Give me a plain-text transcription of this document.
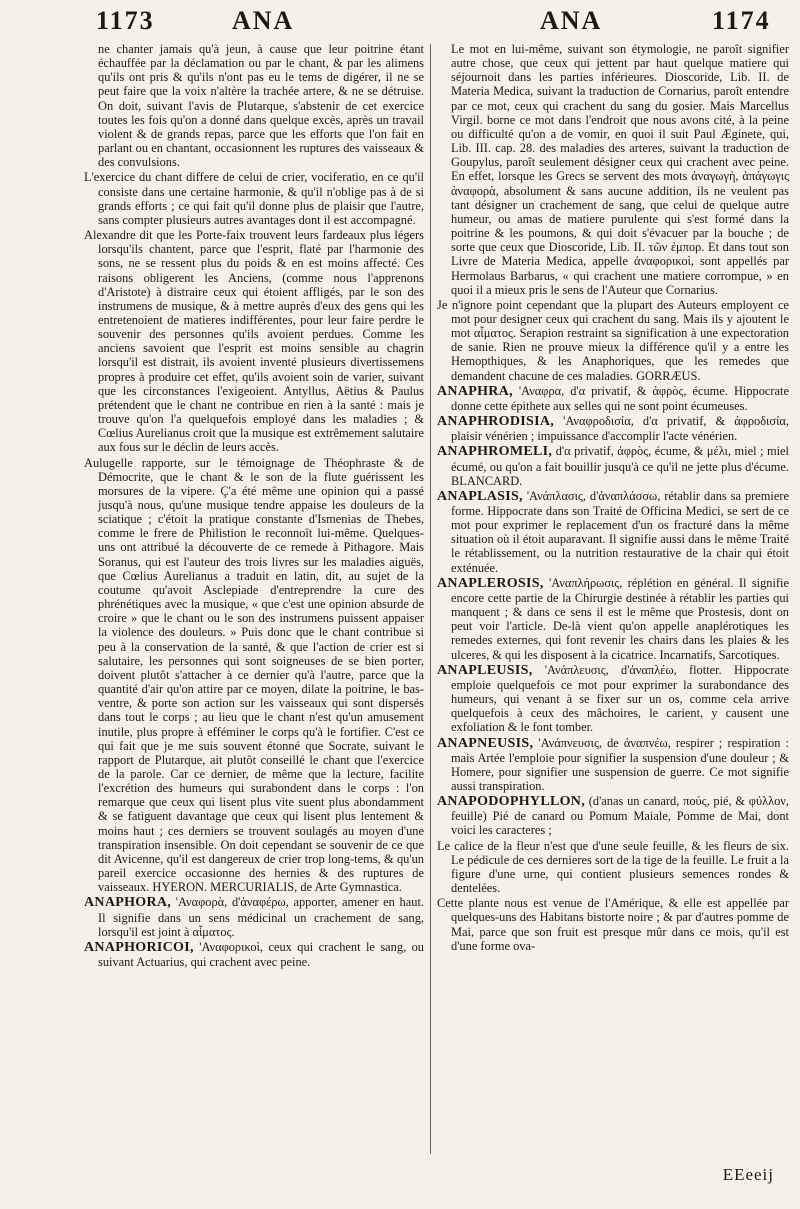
1173	ANA	ANA	1174

ne chanter jamais qu'à jeun, à cause que leur poitrine étant échauffée par la déclamation ou par le chant, & par les alimens qu'ils ont pris & qu'ils n'ont pas eu le tems de digérer, il ne se peut faire que la voix n'altère la trachée artere, & ne se détruise. On doit, suivant l'avis de Plutarque, s'abstenir de cet exercice toutes les fois qu'on a donné dans quelque excès, après un travail violent & de grands repas, parce que les efforts que l'on fait en parlant ou en chantant, occasionnent les ruptures des vaisseaux & des convulsions.

L'exercice du chant differe de celui de crier, vociferatio, en ce qu'il consiste dans une certaine harmonie, & qu'il n'oblige pas à de si grands efforts ; ce qui fait qu'il donne plus de plaisir que l'autre, sans compter plusieurs autres avantages dont il est accompagné.

Alexandre dit que les Porte-faix trouvent leurs fardeaux plus légers lorsqu'ils chantent, parce que l'esprit, flaté par l'harmonie des sons, ne se ressent plus du poids & en est moins affecté. Ces raisons obligerent les Anciens, (comme nous l'apprenons d'Aristote) à distraire ceux qui étoient affligés, par le son des instrumens de musique, & à mettre auprès d'eux des gens qui les entretenoient de matieres indifférentes, pour leur faire perdre le souvenir des personnes qu'ils avoient perdues. Comme les anciens savoient que l'esprit est moins sensible au chagrin lorsqu'il est distrait, ils avoient inventé plusieurs divertissemens propres à produire cet effet, qu'ils avoient soin de varier, suivant que les circonstances l'exigeoient. Antyllus, Aëtius & Paulus prétendent que le chant ne contribue en rien à la santé : mais je trouve qu'on l'a quelquefois employé dans les maladies ; & Cœlius Aurelianus croit que la musique est extrêmement salutaire aux fous sur le déclin de leurs accès.

Aulugelle rapporte, sur le témoignage de Théophraste & de Démocrite, que le chant & le son de la flute guérissent les morsures de la vipere. Ç'a été même une opinion qui a passé jusqu'à nous, qu'une musique tendre appaise les douleurs de la sciatique ; c'étoit la pratique constante d'Ismenias de Thebes, comme le frere de Philistion le reconnoît lui-même. Quelques-uns ont attribué la découverte de ce remede à Pithagore. Mais Soranus, qui est l'auteur des trois livres sur les maladies aiguës, que Cœlius Aurelianus a traduit en latin, dit, au sujet de la coutume qu'avoit Asclepiade d'entreprendre la cure des phrénétiques avec la musique, « que c'est une opinion absurde de croire » que le chant ou le son des instrumens puissent appaiser la violence des douleurs. » Puis donc que le chant contribue si peu à la conservation de la santé, & que l'action de crier est si salutaire, les personnes qui sont soigneuses de se bien porter, doivent plutôt s'attacher à ce dernier qu'à l'autre, parce que la quantité d'air qu'on attire par ce moyen, dilate la poitrine, le bas-ventre, & porte son action sur les vaisseaux qui sont dispersés dans tout le corps ; au lieu que le chant n'est qu'un amusement inutile, plus propre à efféminer le corps qu'à le fortifier. C'est ce qui fait que je me suis souvent étonné que Socrate, suivant le rapport de Plutarque, ait plutôt conseillé le chant que l'exercice de la parole. Car ce dernier, de même que la lecture, facilite l'excrétion des humeurs qui surabondent dans le corps : l'on remarque que ceux qui lisent plus vite suent plus abondamment & se fatiguent davantage que ceux qui lisent plus lentement & moins haut ; ces derniers se trouvent soulagés au moyen d'une transpiration insensible. On doit cependant se souvenir de ce que dit Avicenne, qu'il est dangereux de crier trop long-tems, & qu'un pareil exercice occasionne des hernies & des ruptures de vaisseaux. HYERON. MERCURIALIS, de Arte Gymnastica.

ANAPHORA, 'Αναφορὰ, d'ἀναφέρω, apporter, amener en haut. Il signifie dans un sens médicinal un crachement de sang, lorsqu'il est joint à αἷματος.

ANAPHORICOI, 'Αναφορικοὶ, ceux qui crachent le sang, ou suivant Actuarius, qui crachent avec peine.

Le mot en lui-même, suivant son étymologie, ne paroît signifier autre chose, que ceux qui jettent par haut quelque matiere qui séjournoit dans les parties inférieures. Dioscoride, Lib. II. de Materia Medica, suivant la traduction de Cornarius, paroît entendre par ce mot, ceux qui crachent du sang du gosier. Mais Marcellus Virgil. borne ce mot dans l'endroit que nous avons cité, à la peine ou difficulté qu'on a de vomir, en quoi il suit Paul Æginete, qui, Lib. III. cap. 28. des maladies des arteres, suivant la traduction de Goupylus, paroît seulement désigner ceux qui crachent avec peine. En effet, lorsque les Grecs se servent des mots ἀναγωγὴ, ἀπάγωγις ἀναφορὰ, absolument & sans aucune addition, ils ne veulent pas tant désigner un crachement de sang, que celui de quelque autre humeur, ou amas de matiere purulente qui s'est formé dans la poitrine & les poumons, & qui doit s'évacuer par la bouche ; de sorte que ceux que Dioscoride, Lib. II. τῶν ἐμπορ. Et dans tout son Livre de Materia Medica, appelle ἀναφορικοὶ, sont appellés par Hermolaus Barbarus, « qui crachent une matiere corrompue, » en quoi il a mieux pris le sens de l'Auteur que Cornarius.

Je n'ignore point cependant que la plupart des Auteurs employent ce mot pour designer ceux qui crachent du sang. Mais ils y ajoutent le mot αἷματος. Serapion restraint sa signification à une expectoration de sanie. Rien ne prouve mieux la différence qu'il y a entre les Hemopthiques, & les Anaphoriques, que les remedes que demandent chacune de ces maladies. GORRÆUS.

ANAPHRA, 'Αναφρα, d'α privatif, & ἀφρὸς, écume. Hippocrate donne cette épithete aux selles qui ne sont point écumeuses.

ANAPHRODISIA, 'Αναφροδισία, d'α privatif, & ἀφροδισία, plaisir vénérien ; impuissance d'accomplir l'acte vénérien.

ANAPHROMELI, d'α privatif, ἀφρὸς, écume, & μέλι, miel ; miel écumé, ou qu'on a fait bouillir jusqu'à ce qu'il ne jette plus d'écume. BLANCARD.

ANAPLASIS, 'Ανάπλασις, d'ἀναπλάσσω, rétablir dans sa premiere forme. Hippocrate dans son Traité de Officina Medici, se sert de ce mot pour exprimer le replacement d'un os fracturé dans la même situation où il étoit auparavant. Il signifie aussi dans le même Traité le rétablissement, ou la nutrition restaurative de la chair qui étoit exténuée.

ANAPLEROSIS, 'Αναπλήρωσις, réplétion en général. Il signifie encore cette partie de la Chirurgie destinée à rétablir les parties qui manquent ; & dans ce sens il est le même que Prostesis, dont on peut voir l'article. De-là vient qu'on appelle anaplérotiques les remedes externes, qui font revenir les chairs dans les plaies & les ulceres, & qui les disposent à la cicatrice. Incarnatifs, Sarcotiques.

ANAPLEUSIS, 'Ανάπλευσις, d'ἀναπλέω, flotter. Hippocrate emploie quelquefois ce mot pour exprimer la surabondance des humeurs, qui venant à se fixer sur un os, comme cela arrive quelquefois à ceux des mâchoires, le carient, y causent une exfoliation & le font tomber.

ANAPNEUSIS, 'Ανάπνευσις, de ἀναπνέω, respirer ; respiration : mais Artée l'emploie pour signifier la suspension d'une douleur ; & Homere, pour signifier une suspension de guerre. Ce mot signifie aussi transpiration.

ANAPODOPHYLLON, (d'anas un canard, πούς, pié, & φύλλον, feuille) Pié de canard ou Pomum Maiale, Pomme de Mai, dont voici les caracteres ;

Le calice de la fleur n'est que d'une seule feuille, & les fleurs de six. Le pédicule de ces dernieres sort de la tige de la feuille. Le fruit a la figure d'une urne, qui contient plusieurs semences rondes & dentelées.

Cette plante nous est venue de l'Amérique, & elle est appellée par quelques-uns des Habitans bistorte noire ; & par d'autres pomme de Mai, parce que son fruit est presque mûr dans ce mois, qu'il est d'une forme ova-

EEeeij
